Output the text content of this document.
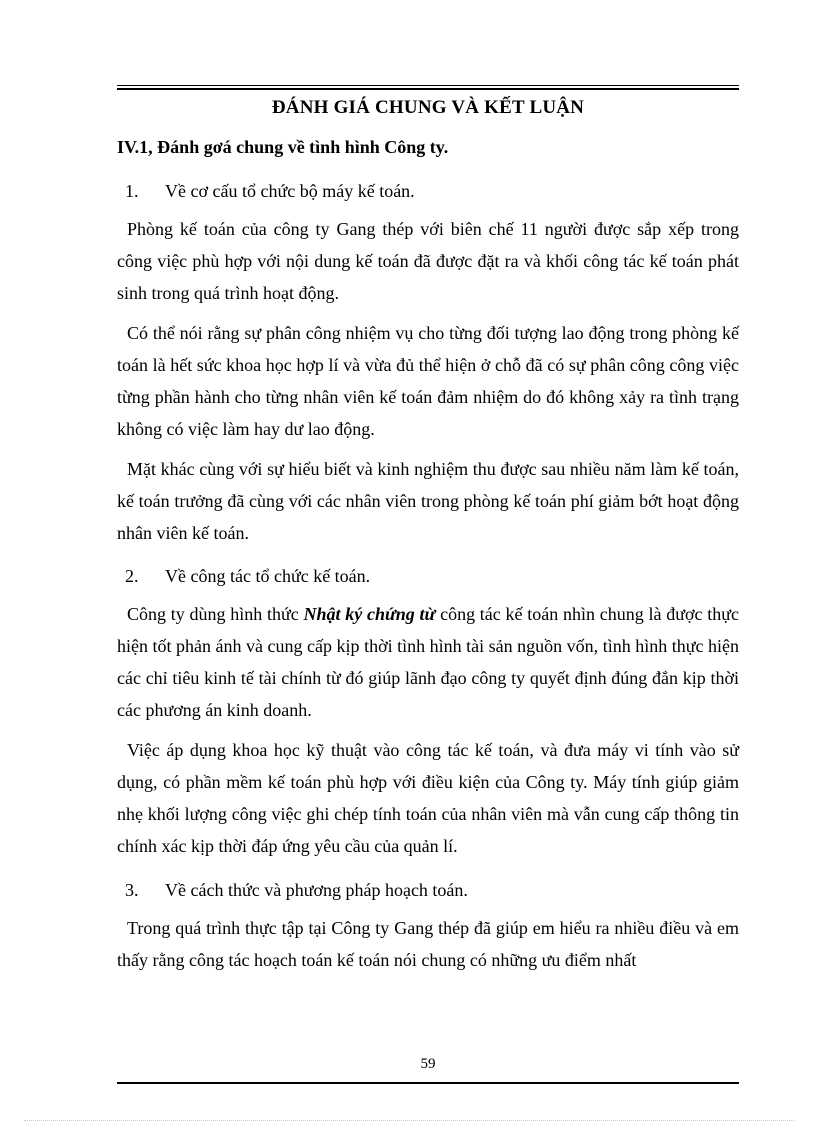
ĐÁNH GIÁ CHUNG VÀ KẾT LUẬN
IV.1, Đánh gơá chung về tình hình Công ty.
1. Về cơ cấu tổ chức bộ máy kế toán.
Phòng kế toán của công ty Gang thép với biên chế 11 người được sắp xếp trong công việc phù hợp với nội dung kế toán đã được đặt ra và khối công tác kế toán phát sinh trong quá trình hoạt động.
Có thể nói rằng sự phân công nhiệm vụ cho từng đối tượng lao động trong phòng kế toán là hết sức khoa học hợp lí và vừa đủ thể hiện ở chỗ đã có sự phân công công việc từng phần hành cho từng nhân viên kế toán đảm nhiệm do đó không xảy ra tình trạng không có việc làm hay dư lao động.
Mặt khác cùng với sự hiểu biết và kinh nghiệm thu được sau nhiều năm làm kế toán, kế toán trưởng đã cùng với các nhân viên trong phòng kế toán phí giảm bớt hoạt động nhân viên kế toán.
2. Về công tác tổ chức kế toán.
Công ty dùng hình thức Nhật ký chứng từ công tác kế toán nhìn chung là được thực hiện tốt phản ánh và cung cấp kịp thời tình hình tài sản nguồn vốn, tình hình thực hiện các chỉ tiêu kinh tế tài chính từ đó giúp lãnh đạo công ty quyết định đúng đắn kịp thời các phương án kinh doanh.
Việc áp dụng khoa học kỹ thuật vào công tác kế toán, và đưa máy vi tính vào sử dụng, có phần mềm kế toán phù hợp với điều kiện của Công ty. Máy tính giúp giảm nhẹ khối lượng công việc ghi chép tính toán của nhân viên mà vẫn cung cấp thông tin chính xác kịp thời đáp ứng yêu cầu của quản lí.
3. Về cách thức và phương pháp hoạch toán.
Trong quá trình thực tập tại Công ty Gang thép đã giúp em hiểu ra nhiều điều và em thấy rằng công tác hoạch toán kế toán nói chung có những ưu điểm nhất
59
